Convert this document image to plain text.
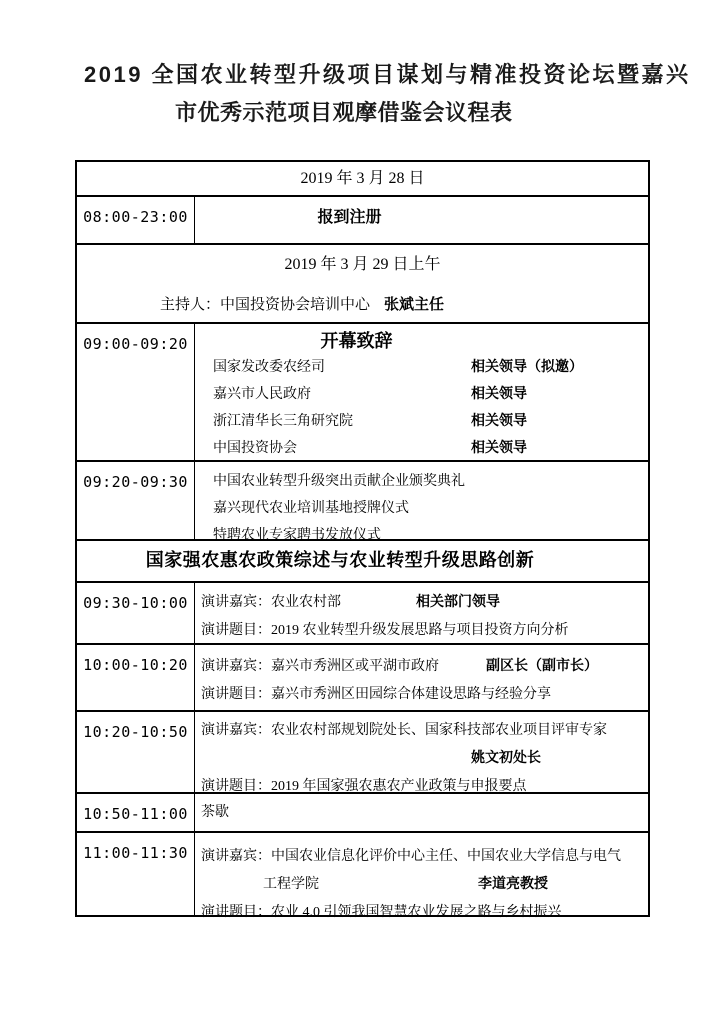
2019 全国农业转型升级项目谋划与精准投资论坛暨嘉兴
市优秀示范项目观摩借鉴会议程表
2019 年 3 月 28 日
08:00-23:00	报到注册
2019 年 3 月 29 日上午
主持人：中国投资协会培训中心 张斌主任
09:00-09:20	开幕致辞
国家发改委农经司	相关领导（拟邀）
嘉兴市人民政府	相关领导
浙江清华长三角研究院	相关领导
中国投资协会	相关领导
09:20-09:30	中国农业转型升级突出贡献企业颁奖典礼
嘉兴现代农业培训基地授牌仪式
特聘农业专家聘书发放仪式
国家强农惠农政策综述与农业转型升级思路创新
09:30-10:00 演讲嘉宾：农业农村部	相关部门领导
演讲题目：2019 农业转型升级发展思路与项目投资方向分析
10:00-10:20 演讲嘉宾：嘉兴市秀洲区或平湖市政府	副区长（副市长）
演讲题目：嘉兴市秀洲区田园综合体建设思路与经验分享
10:20-10:50 演讲嘉宾：农业农村部规划院处长、国家科技部农业项目评审专家
姚文初处长
演讲题目：2019 年国家强农惠农产业政策与申报要点
10:50-11:00 茶歇
11:00-11:30 演讲嘉宾：中国农业信息化评价中心主任、中国农业大学信息与电气
工程学院	李道亮教授
演讲题目：农业 4.0 引领我国智慧农业发展之路与乡村振兴
